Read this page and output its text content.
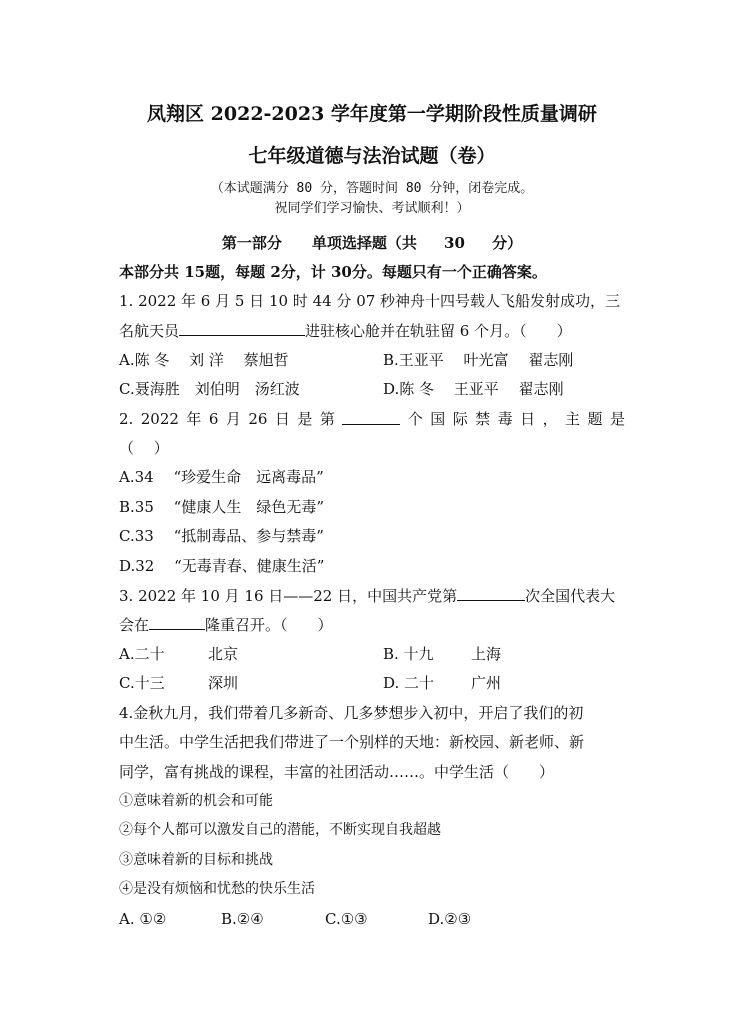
凤翔区 2022-2023 学年度第一学期阶段性质量调研
七年级道德与法治试题（卷）
（本试题满分 80 分，答题时间 80 分钟，闭卷完成。
祝同学们学习愉快、考试顺利！）
第一部分　　单项选择题（共 30 分）
本部分共 15题，每题 2分，计 30分。每题只有一个正确答案。
1. 2022 年 6 月 5 日 10 时 44 分 07 秒神舟十四号载人飞船发射成功，三
名航天员	进驻核心舱并在轨驻留 6 个月。（　　）
A.陈 冬　 刘 洋　 蔡旭哲	B.王亚平　 叶光富　 翟志刚
C.聂海胜　刘伯明　汤红波	D.陈 冬　 王亚平　 翟志刚
2. 2022 年 6 月 26 日 是 第	个 国 际 禁 毒 日 ， 主 题 是
（　 ）
A.34 　“珍爱生命　远离毒品”
B.35 　“健康人生　绿色无毒”
C.33 　“抵制毒品、参与禁毒”
D.32 　“无毒青春、健康生活”
3. 2022 年 10 月 16 日——22 日，中国共产党第	次全国代表大
会在	隆重召开。（　　）
A.二十	北京	B. 十九 上海
C.十三	深圳	D. 二十 广州
4.金秋九月，我们带着几多新奇、几多梦想步入初中，开启了我们的初
中生活。中学生活把我们带进了一个别样的天地：新校园、新老师、新
同学，富有挑战的课程，丰富的社团活动……。中学生活（　　）
①意味着新的机会和可能
②每个人都可以激发自己的潜能，不断实现自我超越
③意味着新的目标和挑战
④是没有烦恼和忧愁的快乐生活
A. ①②	B.②④	C.①③	D.②③
